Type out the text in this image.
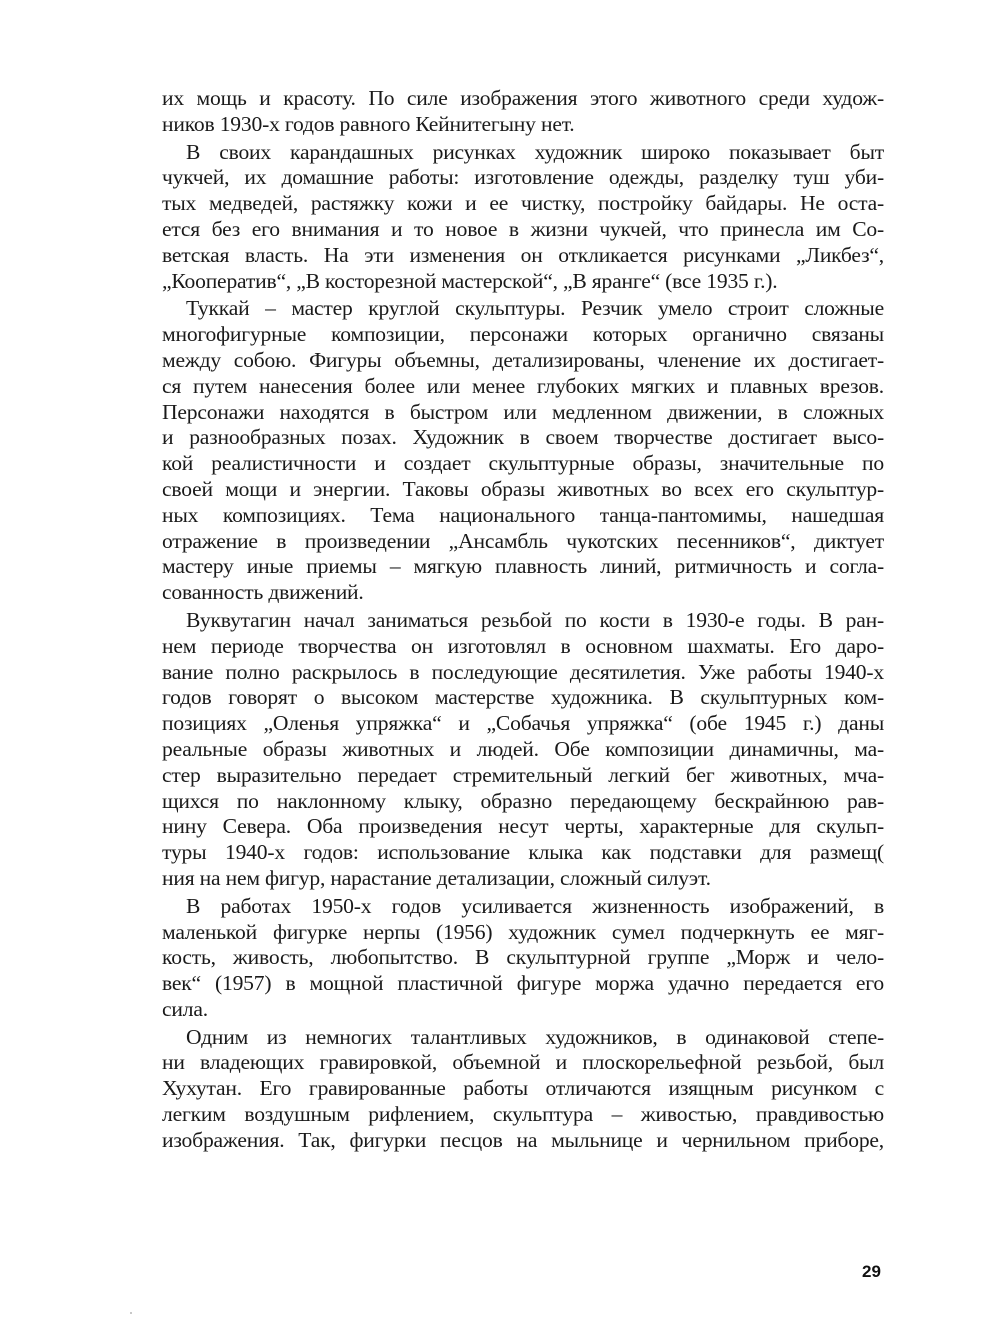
их мощь и красоту. По силе изображения этого животного среди худож-
ников 1930-х годов равного Кейнитегыну нет.
В своих карандашных рисунках художник широко показывает быт
чукчей, их домашние работы: изготовление одежды, разделку туш уби-
тых медведей, растяжку кожи и ее чистку, постройку байдары. Не оста-
ется без его внимания и то новое в жизни чукчей, что принесла им Со-
ветская власть. На эти изменения он откликается рисунками „Ликбез“,
„Кооператив“, „В косторезной мастерской“, „В яранге“ (все 1935 г.).
Туккай – мастер круглой скульптуры. Резчик умело строит сложные
многофигурные композиции, персонажи которых органично связаны
между собою. Фигуры объемны, детализированы, членение их достигает-
ся путем нанесения более или менее глубоких мягких и плавных врезов.
Персонажи находятся в быстром или медленном движении, в сложных
и разнообразных позах. Художник в своем творчестве достигает высо-
кой реалистичности и создает скульптурные образы, значительные по
своей мощи и энергии. Таковы образы животных во всех его скульптур-
ных композициях. Тема национального танца-пантомимы, нашедшая
отражение в произведении „Ансамбль чукотских песенников“, диктует
мастеру иные приемы – мягкую плавность линий, ритмичность и согла-
сованность движений.
Вуквутагин начал заниматься резьбой по кости в 1930-е годы. В ран-
нем периоде творчества он изготовлял в основном шахматы. Его даро-
вание полно раскрылось в последующие десятилетия. Уже работы 1940-х
годов говорят о высоком мастерстве художника. В скульптурных ком-
позициях „Оленья упряжка“ и „Собачья упряжка“ (обе 1945 г.) даны
реальные образы животных и людей. Обе композиции динамичны, ма-
стер выразительно передает стремительный легкий бег животных, мча-
щихся по наклонному клыку, образно передающему бескрайнюю рав-
нину Севера. Оба произведения несут черты, характерные для скульп-
туры 1940-х годов: использование клыка как подставки для размещ(
ния на нем фигур, нарастание детализации, сложный силуэт.
В работах 1950-х годов усиливается жизненность изображений, в
маленькой фигурке нерпы (1956) художник сумел подчеркнуть ее мяг-
кость, живость, любопытство. В скульптурной группе „Морж и чело-
век“ (1957) в мощной пластичной фигуре моржа удачно передается его
сила.
Одним из немногих талантливых художников, в одинаковой степе-
ни владеющих гравировкой, объемной и плоскорельефной резьбой, был
Хухутан. Его гравированные работы отличаются изящным рисунком с
легким воздушным рифлением, скульптура – живостью, правдивостью
изображения. Так, фигурки песцов на мыльнице и чернильном приборе,
29
